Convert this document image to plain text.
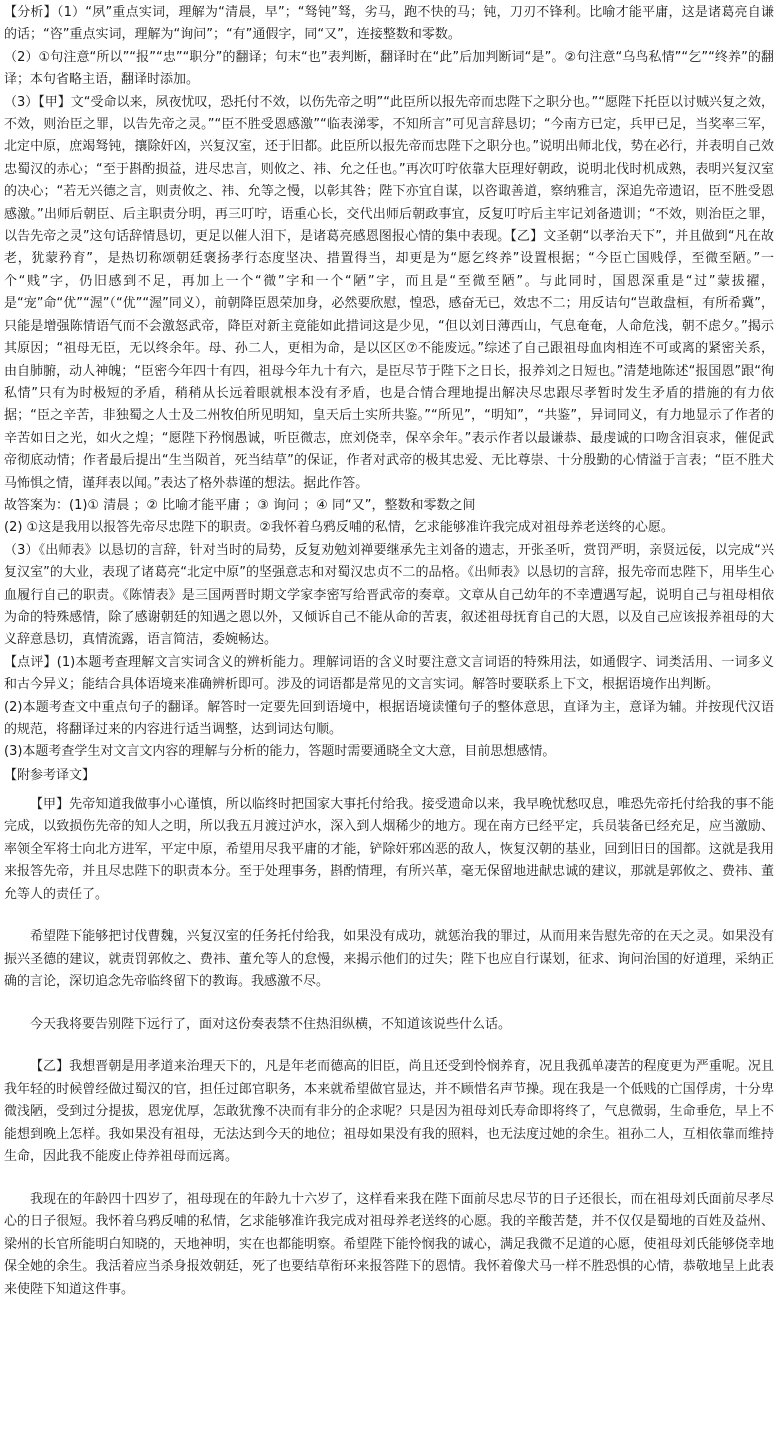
【分析】（1）“夙”重点实词，理解为“清晨，早”；“驽钝”驽，劣马，跑不快的马；钝，刀刃不锋利。比喻才能平庸，这是诸葛亮自谦的话；“咨”重点实词，理解为“询问”；“有”通假字，同“又”，连接整数和零数。

（2）①句注意“所以”“报”“忠”“职分”的翻译；句末“也”表判断，翻译时在“此”后加判断词“是”。②句注意“乌鸟私情”“乞”“终养”的翻译；本句省略主语，翻译时添加。

（3）【甲】文“受命以来，夙夜忧叹，恐托付不效，以伤先帝之明”“此臣所以报先帝而忠陛下之职分也。”“愿陛下托臣以讨贼兴复之效，不效，则治臣之罪，以告先帝之灵。”“臣不胜受恩感激”“临表涕零，不知所言”可见言辞恳切；“今南方已定，兵甲已足，当奖率三军，北定中原，庶竭驽钝，攘除奸凶，兴复汉室，还于旧都。此臣所以报先帝而忠陛下之职分也。”说明出师北伐，势在必行，并表明自己效忠蜀汉的赤心；“至于斟酌损益，进尽忠言，则攸之、祎、允之任也。”再次叮咛依靠大臣理好朝政，说明北伐时机成熟，表明兴复汉室的决心；“若无兴德之言，则责攸之、祎、允等之慢，以彰其咎；陛下亦宜自谋，以咨诹善道，察纳雅言，深追先帝遗诏，臣不胜受恩感激。”出师后朝臣、后主职责分明，再三叮咛，语重心长，交代出师后朝政事宜，反复叮咛后主牢记刘备遗训；“不效，则治臣之罪，以告先帝之灵”这句话辞情恳切，更足以催人泪下，是诸葛亮感恩图报心情的集中表现。【乙】文圣朝“以孝治天下”，并且做到“凡在故老，犹蒙矜育”，是热切称颂朝廷褒扬孝行态度坚决、措置得当，却更是为“愿乞终养”设置根据；“今臣亡国贱俘，至微至陋。”一个“贱”字，仍旧感到不足，再加上一个“微”字和一个“陋”字，而且是“至微至陋”。与此同时，国恩深重是“过”蒙拔擢，是“宠”命“优”“渥”（“优”“渥”同义），前朝降臣恩荣加身，必然要欣慰，惶恐，感奋无已，效忠不二；用反诘句“岂敢盘桓，有所希冀”，只能是增强陈情语气而不会激怒武帝，降臣对新主竟能如此措词这是少见，“但以刘日薄西山，气息奄奄，人命危浅，朝不虑夕。”揭示其原因；“祖母无臣，无以终余年。母、孙二人，更相为命，是以区区⑦不能废远。”综述了自己跟祖母血肉相连不可或离的紧密关系，由自肺腑，动人神魄；“臣密今年四十有四，祖母今年九十有六，是臣尽节于陛下之日长，报养刘之日短也。”清楚地陈述“报国恩”跟“徇私情”只有为时极短的矛盾，稍稍从长远着眼就根本没有矛盾，也是合情合理地提出解决尽忠跟尽孝暂时发生矛盾的措施的有力依据；“臣之辛苦，非独蜀之人士及二州牧伯所见明知，皇天后土实所共鉴。”“所见”，“明知”，“共鉴”，异词同义，有力地显示了作者的辛苦如日之光，如火之煌；“愿陛下矜悯愚诚，听臣微志，庶刘侥幸，保卒余年。”表示作者以最谦恭、最虔诚的口吻含泪哀求，催促武帝彻底动情；作者最后提出“生当陨首，死当结草”的保证，作者对武帝的极其忠爱、无比尊崇、十分殷勤的心情溢于言表；“臣不胜犬马怖惧之情，谨拜表以闻。”表达了格外恭谨的想法。据此作答。

故答案为：(1)① 清晨 ；② 比喻才能平庸 ；③ 询问 ；④ 同“又”，整数和零数之间

(2) ①这是我用以报答先帝尽忠陛下的职责。②我怀着乌鸦反哺的私情，乞求能够准许我完成对祖母养老送终的心愿。

（3）《出师表》以恳切的言辞，针对当时的局势，反复劝勉刘禅要继承先主刘备的遗志，开张圣听，赏罚严明，亲贤远佞，以完成“兴复汉室”的大业，表现了诸葛亮“北定中原”的坚强意志和对蜀汉忠贞不二的品格。《出师表》以恳切的言辞，报先帝而忠陛下，用毕生心血履行自己的职责。《陈情表》是三国两晋时期文学家李密写给晋武帝的奏章。文章从自己幼年的不幸遭遇写起，说明自己与祖母相依为命的特殊感情，除了感谢朝廷的知遇之恩以外，又倾诉自己不能从命的苦衷，叙述祖母抚育自己的大恩，以及自己应该报养祖母的大义辞意恳切，真情流露，语言简洁，委婉畅达。

【点评】(1)本题考查理解文言实词含义的辨析能力。理解词语的含义时要注意文言词语的特殊用法，如通假字、词类活用、一词多义和古今异义；能结合具体语境来准确辨析即可。涉及的词语都是常见的文言实词。解答时要联系上下文，根据语境作出判断。

(2)本题考查文中重点句子的翻译。解答时一定要先回到语境中，根据语境读懂句子的整体意思，直译为主，意译为辅。并按现代汉语的规范，将翻译过来的内容进行适当调整，达到词达句顺。

(3)本题考查学生对文言文内容的理解与分析的能力，答题时需要通晓全文大意，目前思想感情。

【附参考译文】

【甲】先帝知道我做事小心谨慎，所以临终时把国家大事托付给我。接受遗命以来，我早晚忧愁叹息，唯恐先帝托付给我的事不能完成，以致损伤先帝的知人之明，所以我五月渡过泸水，深入到人烟稀少的地方。现在南方已经平定，兵员装备已经充足，应当激励、率领全军将士向北方进军，平定中原，希望用尽我平庸的才能，铲除奸邪凶恶的敌人，恢复汉朝的基业，回到旧日的国都。这就是我用来报答先帝，并且尽忠陛下的职责本分。至于处理事务，斟酌情理，有所兴革，毫无保留地进献忠诚的建议，那就是郭攸之、费祎、董允等人的责任了。

希望陛下能够把讨伐曹魏，兴复汉室的任务托付给我，如果没有成功，就惩治我的罪过，从而用来告慰先帝的在天之灵。如果没有振兴圣德的建议，就责罚郭攸之、费祎、董允等人的怠慢，来揭示他们的过失；陛下也应自行谋划，征求、询问治国的好道理，采纳正确的言论，深切追念先帝临终留下的教诲。我感激不尽。

今天我将要告别陛下远行了，面对这份奏表禁不住热泪纵横，不知道该说些什么话。

【乙】我想晋朝是用孝道来治理天下的，凡是年老而德高的旧臣，尚且还受到怜悯养育，况且我孤单凄苦的程度更为严重呢。况且我年轻的时候曾经做过蜀汉的官，担任过郎官职务，本来就希望做官显达，并不顾惜名声节操。现在我是一个低贱的亡国俘虏，十分卑微浅陋，受到过分提拔，恩宠优厚，怎敢犹豫不决而有非分的企求呢？只是因为祖母刘氏寿命即将终了，气息微弱，生命垂危，早上不能想到晚上怎样。我如果没有祖母，无法达到今天的地位；祖母如果没有我的照料，也无法度过她的余生。祖孙二人，互相依靠而维持生命，因此我不能废止侍养祖母而远离。

我现在的年龄四十四岁了，祖母现在的年龄九十六岁了，这样看来我在陛下面前尽忠尽节的日子还很长，而在祖母刘氏面前尽孝尽心的日子很短。我怀着乌鸦反哺的私情，乞求能够准许我完成对祖母养老送终的心愿。我的辛酸苦楚，并不仅仅是蜀地的百姓及益州、梁州的长官所能明白知晓的，天地神明，实在也都能明察。希望陛下能怜悯我的诚心，满足我微不足道的心愿，使祖母刘氏能够侥幸地保全她的余生。我活着应当杀身报效朝廷，死了也要结草衔环来报答陛下的恩情。我怀着像犬马一样不胜恐惧的心情，恭敬地呈上此表来使陛下知道这件事。
